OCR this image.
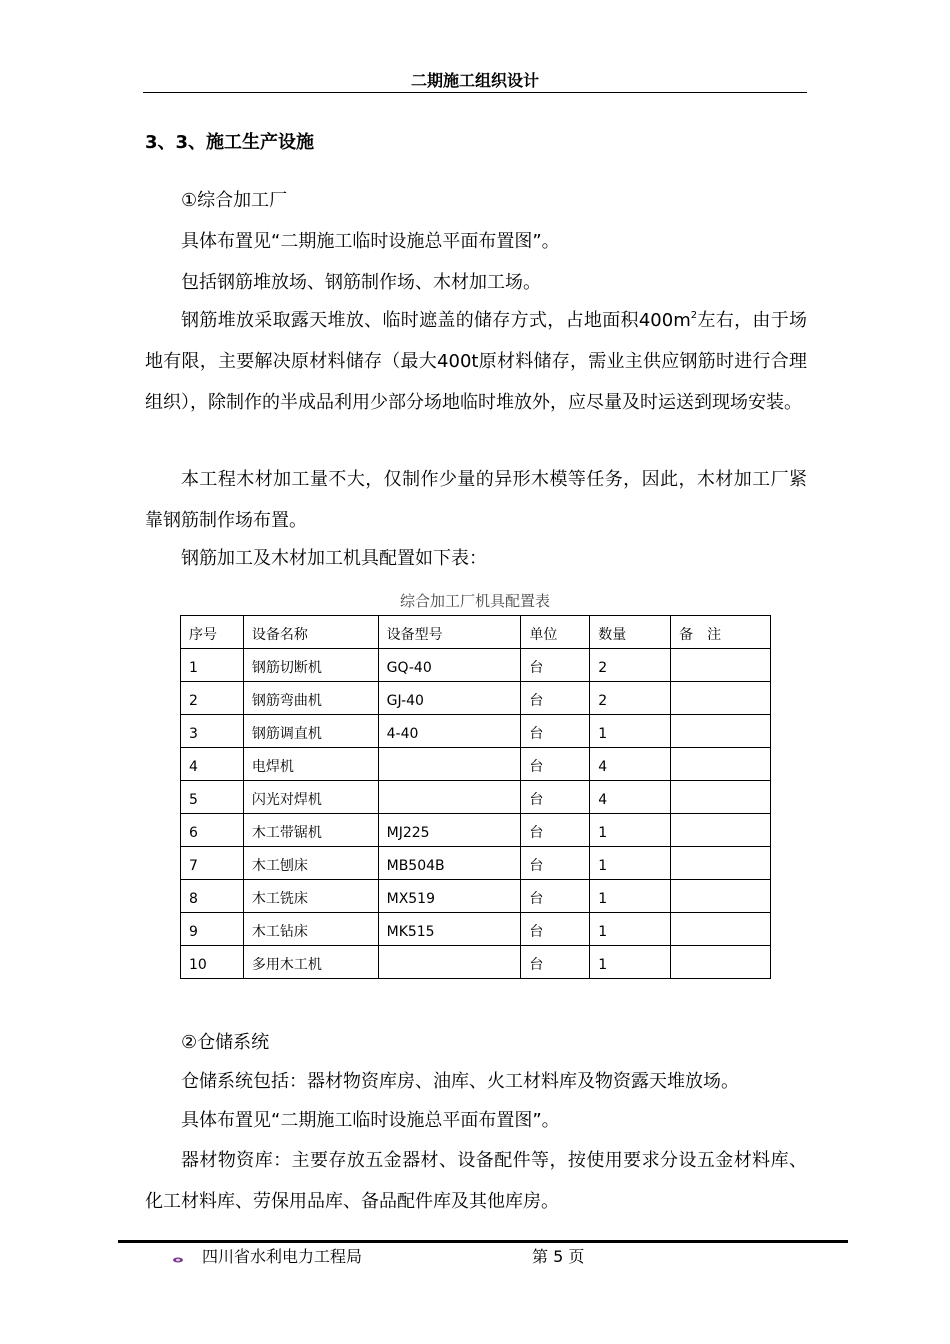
二期施工组织设计
3、3、施工生产设施
①综合加工厂
具体布置见“二期施工临时设施总平面布置图”。
包括钢筋堆放场、钢筋制作场、木材加工场。
钢筋堆放采取露天堆放、临时遮盖的储存方式，占地面积$400m^2$左右，由于场地有限，主要解决原材料储存（最大400t原材料储存，需业主供应钢筋时进行合理组织），除制作的半成品利用少部分场地临时堆放外，应尽量及时运送到现场安装。
本工程木材加工量不大，仅制作少量的异形木模等任务，因此，木材加工厂紧靠钢筋制作场布置。
钢筋加工及木材加工机具配置如下表：
综合加工厂机具配置表
序号	设备名称	设备型号	单位	数量	备　注
1	钢筋切断机	GQ-40	台	2	
2	钢筋弯曲机	GJ-40	台	2	
3	钢筋调直机	4-40	台	1	
4	电焊机		台	4	
5	闪光对焊机		台	4	
6	木工带锯机	MJ225	台	1	
7	木工刨床	MB504B	台	1	
8	木工铣床	MX519	台	1	
9	木工钻床	MK515	台	1	
10	多用木工机		台	1	
四川省水利电力工程局	第 5 页
②仓储系统
仓储系统包括：器材物资库房、油库、火工材料库及物资露天堆放场。
具体布置见“二期施工临时设施总平面布置图”。
器材物资库：主要存放五金器材、设备配件等，按使用要求分设五金材料库、化工材料库、劳保用品库、备品配件库及其他库房。
